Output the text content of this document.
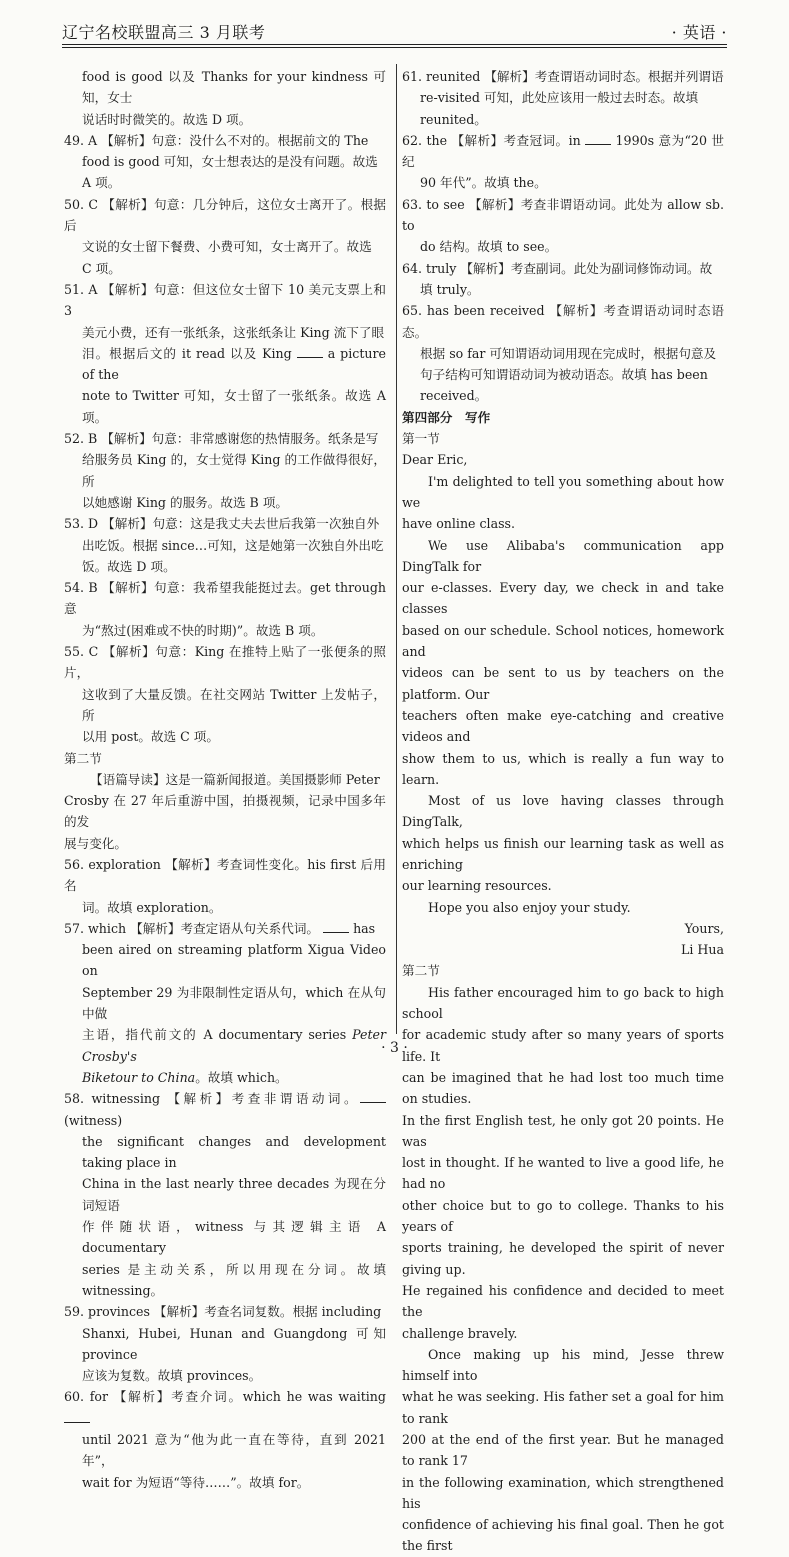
辽宁名校联盟高三 3 月联考	· 英语 ·

food is good 以及 Thanks for your kindness 可知，女士

说话时时微笑的。故选 D 项。

49. A 【解析】句意：没什么不对的。根据前文的 The

food is good 可知，女士想表达的是没有问题。故选

A 项。

50. C 【解析】句意：几分钟后，这位女士离开了。根据后

文说的女士留下餐费、小费可知，女士离开了。故选

C 项。

51. A 【解析】句意：但这位女士留下 10 美元支票上和 3

美元小费，还有一张纸条，这张纸条让 King 流下了眼

泪。根据后文的 it read 以及 King	a picture of the

note to Twitter 可知，女士留了一张纸条。故选 A 项。

52. B 【解析】句意：非常感谢您的热情服务。纸条是写

给服务员 King 的，女士觉得 King 的工作做得很好，所

以她感谢 King 的服务。故选 B 项。

53. D 【解析】句意：这是我丈夫去世后我第一次独自外

出吃饭。根据 since…可知，这是她第一次独自外出吃

饭。故选 D 项。

54. B 【解析】句意：我希望我能挺过去。get through 意

为“熬过(困难或不快的时期)”。故选 B 项。

55. C 【解析】句意：King 在推特上贴了一张便条的照片，

这收到了大量反馈。在社交网站 Twitter 上发帖子，所

以用 post。故选 C 项。

第二节

【语篇导读】这是一篇新闻报道。美国摄影师 Peter

Crosby 在 27 年后重游中国，拍摄视频，记录中国多年的发

展与变化。

56. exploration 【解析】考查词性变化。his first 后用名

词。故填 exploration。

57. which 【解析】考查定语从句关系代词。	has

been aired on streaming platform Xigua Video on

September 29 为非限制性定语从句，which 在从句中做

主语，指代前文的 A documentary series Peter Crosby's

Biketour to China。故填 which。

58. witnessing 【解析】考查非谓语动词。(witness)

the significant changes and development taking place in

China in the last nearly three decades 为现在分词短语

作伴随状语，witness 与其逻辑主语 A documentary

series 是主动关系，所以用现在分词。故填 witnessing。

59. provinces 【解析】考查名词复数。根据 including

Shanxi, Hubei, Hunan and Guangdong 可知 province

应该为复数。故填 provinces。

60. for 【解析】考查介词。which he was waiting

until 2021 意为“他为此一直在等待，直到 2021 年”，

wait for 为短语“等待……”。故填 for。

61. reunited 【解析】考查谓语动词时态。根据并列谓语

re-visited 可知，此处应该用一般过去时态。故填

reunited。

62. the 【解析】考查冠词。in	1990s 意为“20 世纪

90 年代”。故填 the。

63. to see 【解析】考查非谓语动词。此处为 allow sb. to

do 结构。故填 to see。

64. truly 【解析】考查副词。此处为副词修饰动词。故

填 truly。

65. has been received 【解析】考查谓语动词时态语态。

根据 so far 可知谓语动词用现在完成时，根据句意及

句子结构可知谓语动词为被动语态。故填 has been

received。

第四部分　写作

第一节

Dear Eric,

I'm delighted to tell you something about how we

have online class.

We use Alibaba's communication app DingTalk for

our e-classes. Every day, we check in and take classes

based on our schedule. School notices, homework and

videos can be sent to us by teachers on the platform. Our

teachers often make eye-catching and creative videos and

show them to us, which is really a fun way to learn.

Most of us love having classes through DingTalk,

which helps us finish our learning task as well as enriching

our learning resources.

Hope you also enjoy your study.

Yours,

Li Hua

第二节

His father encouraged him to go back to high school

for academic study after so many years of sports life. It

can be imagined that he had lost too much time on studies.

In the first English test, he only got 20 points. He was

lost in thought. If he wanted to live a good life, he had no

other choice but to go to college. Thanks to his years of

sports training, he developed the spirit of never giving up.

He regained his confidence and decided to meet the

challenge bravely.

Once making up his mind, Jesse threw himself into

what he was seeking. His father set a goal for him to rank

200 at the end of the first year. But he managed to rank 17

in the following examination, which strengthened his

confidence of achieving his final goal. Then he got the first

· 3 ·
